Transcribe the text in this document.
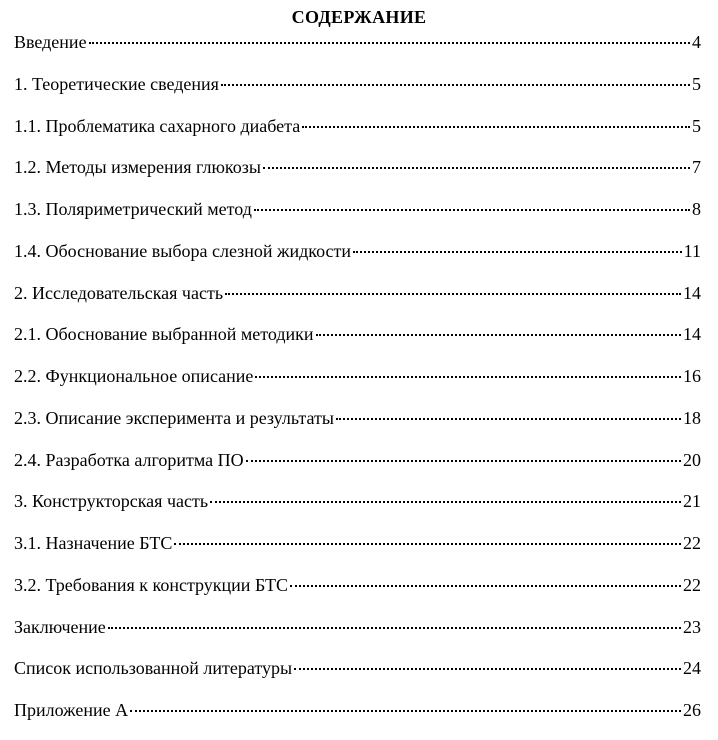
СОДЕРЖАНИЕ
Введение	4
1. Теоретические сведения	5
1.1. Проблематика сахарного диабета	5
1.2. Методы измерения глюкозы	7
1.3. Поляриметрический метод	8
1.4. Обоснование выбора слезной жидкости	11
2. Исследовательская часть	14
2.1. Обоснование выбранной методики	14
2.2. Функциональное описание	16
2.3. Описание эксперимента и результаты	18
2.4. Разработка алгоритма ПО	20
3. Конструкторская часть	21
3.1. Назначение БТС	22
3.2. Требования к конструкции БТС	22
Заключение	23
Список использованной литературы	24
Приложение А	26
